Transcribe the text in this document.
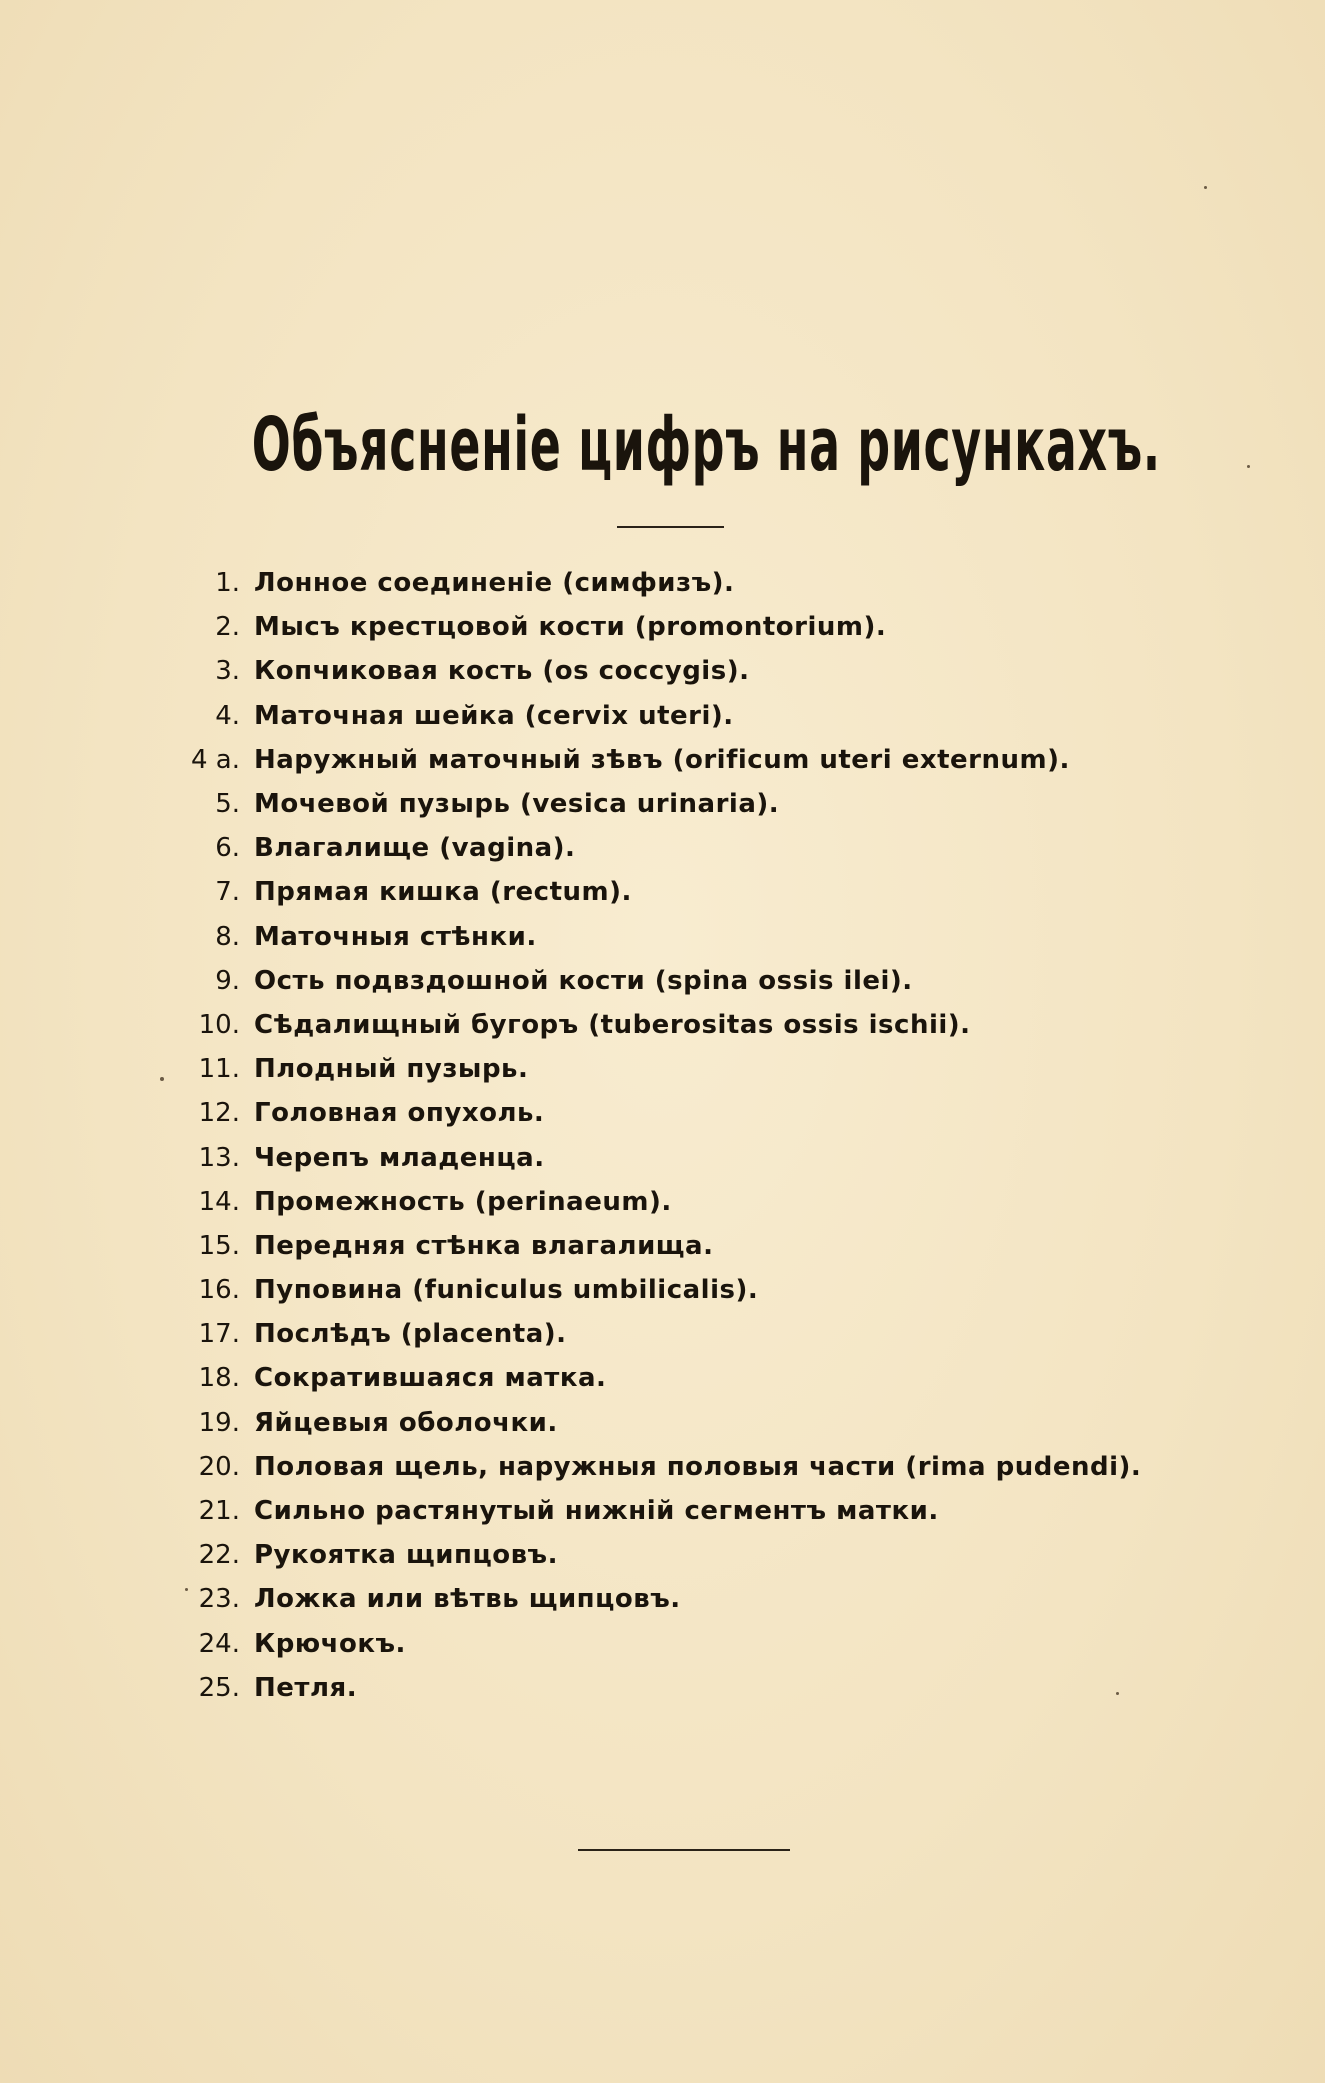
Объясненіе цифръ на рисункахъ.
1. Лонное соединеніе (симфизъ).
2. Мысъ крестцовой кости (promontorium).
3. Копчиковая кость (os coccygis).
4. Маточная шейка (cervix uteri).
4 a. Наружный маточный зѣвъ (orificum uteri externum).
5. Мочевой пузырь (vesica urinaria).
6. Влагалище (vagina).
7. Прямая кишка (rectum).
8. Маточныя стѣнки.
9. Ость подвздошной кости (spina ossis ilei).
10. Сѣдалищный бугоръ (tuberositas ossis ischii).
11. Плодный пузырь.
12. Головная опухоль.
13. Черепъ младенца.
14. Промежность (perinaeum).
15. Передняя стѣнка влагалища.
16. Пуповина (funiculus umbilicalis).
17. Послѣдъ (placenta).
18. Сократившаяся матка.
19. Яйцевыя оболочки.
20. Половая щель, наружныя половыя части (rima pudendi).
21. Сильно растянутый нижній сегментъ матки.
22. Рукоятка щипцовъ.
23. Ложка или вѣтвь щипцовъ.
24. Крючокъ.
25. Петля.
